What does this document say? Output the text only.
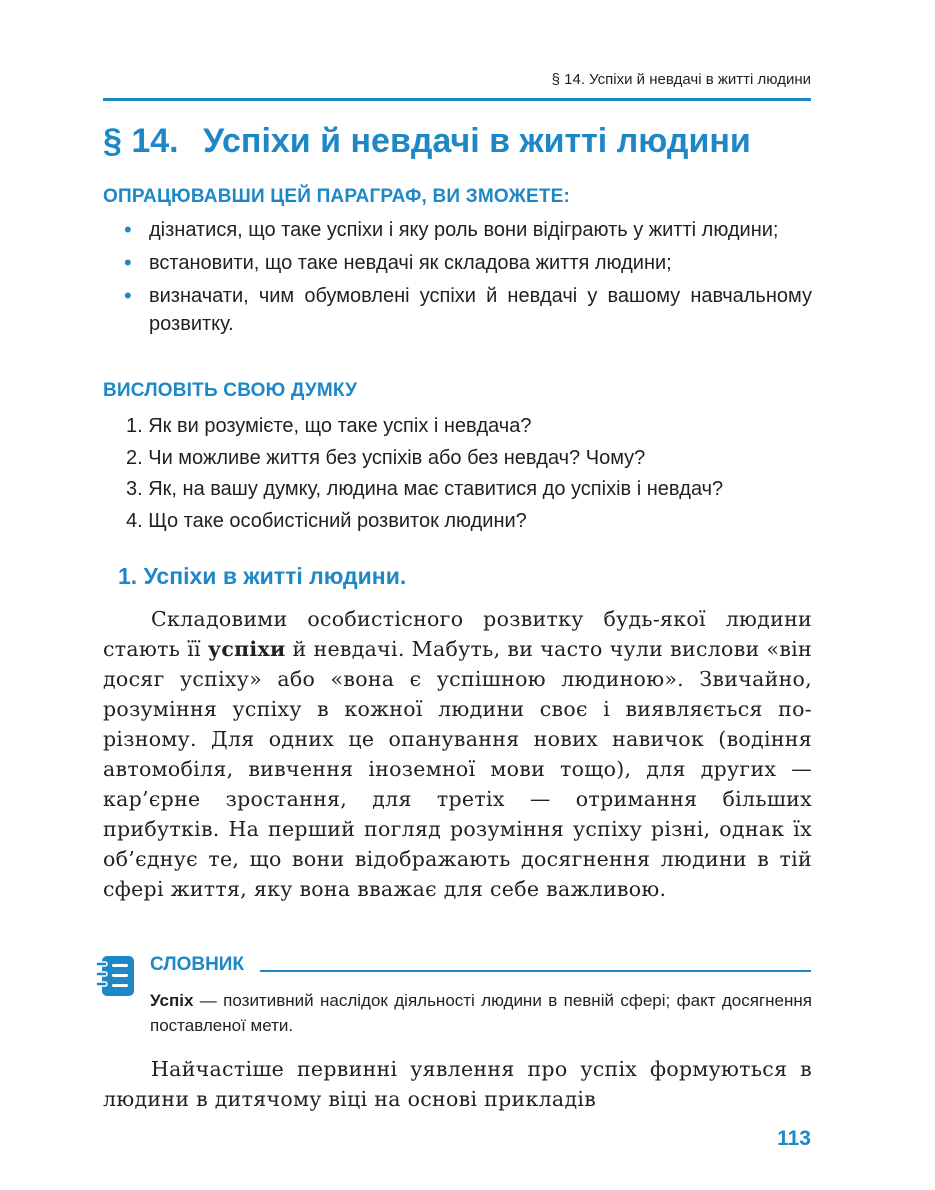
§ 14. Успіхи й невдачі в житті людини
§ 14. Успіхи й невдачі в житті людини
ОПРАЦЮВАВШИ ЦЕЙ ПАРАГРАФ, ВИ ЗМОЖЕТЕ:
• дізнатися, що таке успіхи і яку роль вони відіграють у житті людини;
• встановити, що таке невдачі як складова життя людини;
• визначати, чим обумовлені успіхи й невдачі у вашому навчальному розвитку.
ВИСЛОВІТЬ СВОЮ ДУМКУ
1. Як ви розумієте, що таке успіх і невдача?
2. Чи можливе життя без успіхів або без невдач? Чому?
3. Як, на вашу думку, людина має ставитися до успіхів і невдач?
4. Що таке особистісний розвиток людини?
1. Успіхи в житті людини.

Складовими особистісного розвитку будь-якої людини стають її успіхи й невдачі. Мабуть, ви часто чули вислови «він досяг успіху» або «вона є успішною людиною». Звичайно, розуміння успіху в кожної людини своє і виявляється по-різному. Для одних це опанування нових навичок (водіння автомобіля, вивчення іноземної мови тощо), для других — кар’єрне зростання, для третіх — отримання більших прибутків. На перший погляд розуміння успіху різні, однак їх об’єднує те, що вони відображають досягнення людини в тій сфері життя, яку вона вважає для себе важливою.

СЛОВНИК

Успіх — позитивний наслідок діяльності людини в певній сфері; факт досягнення поставленої мети.

Найчастіше первинні уявлення про успіх формуються в людини в дитячому віці на основі прикладів

113
